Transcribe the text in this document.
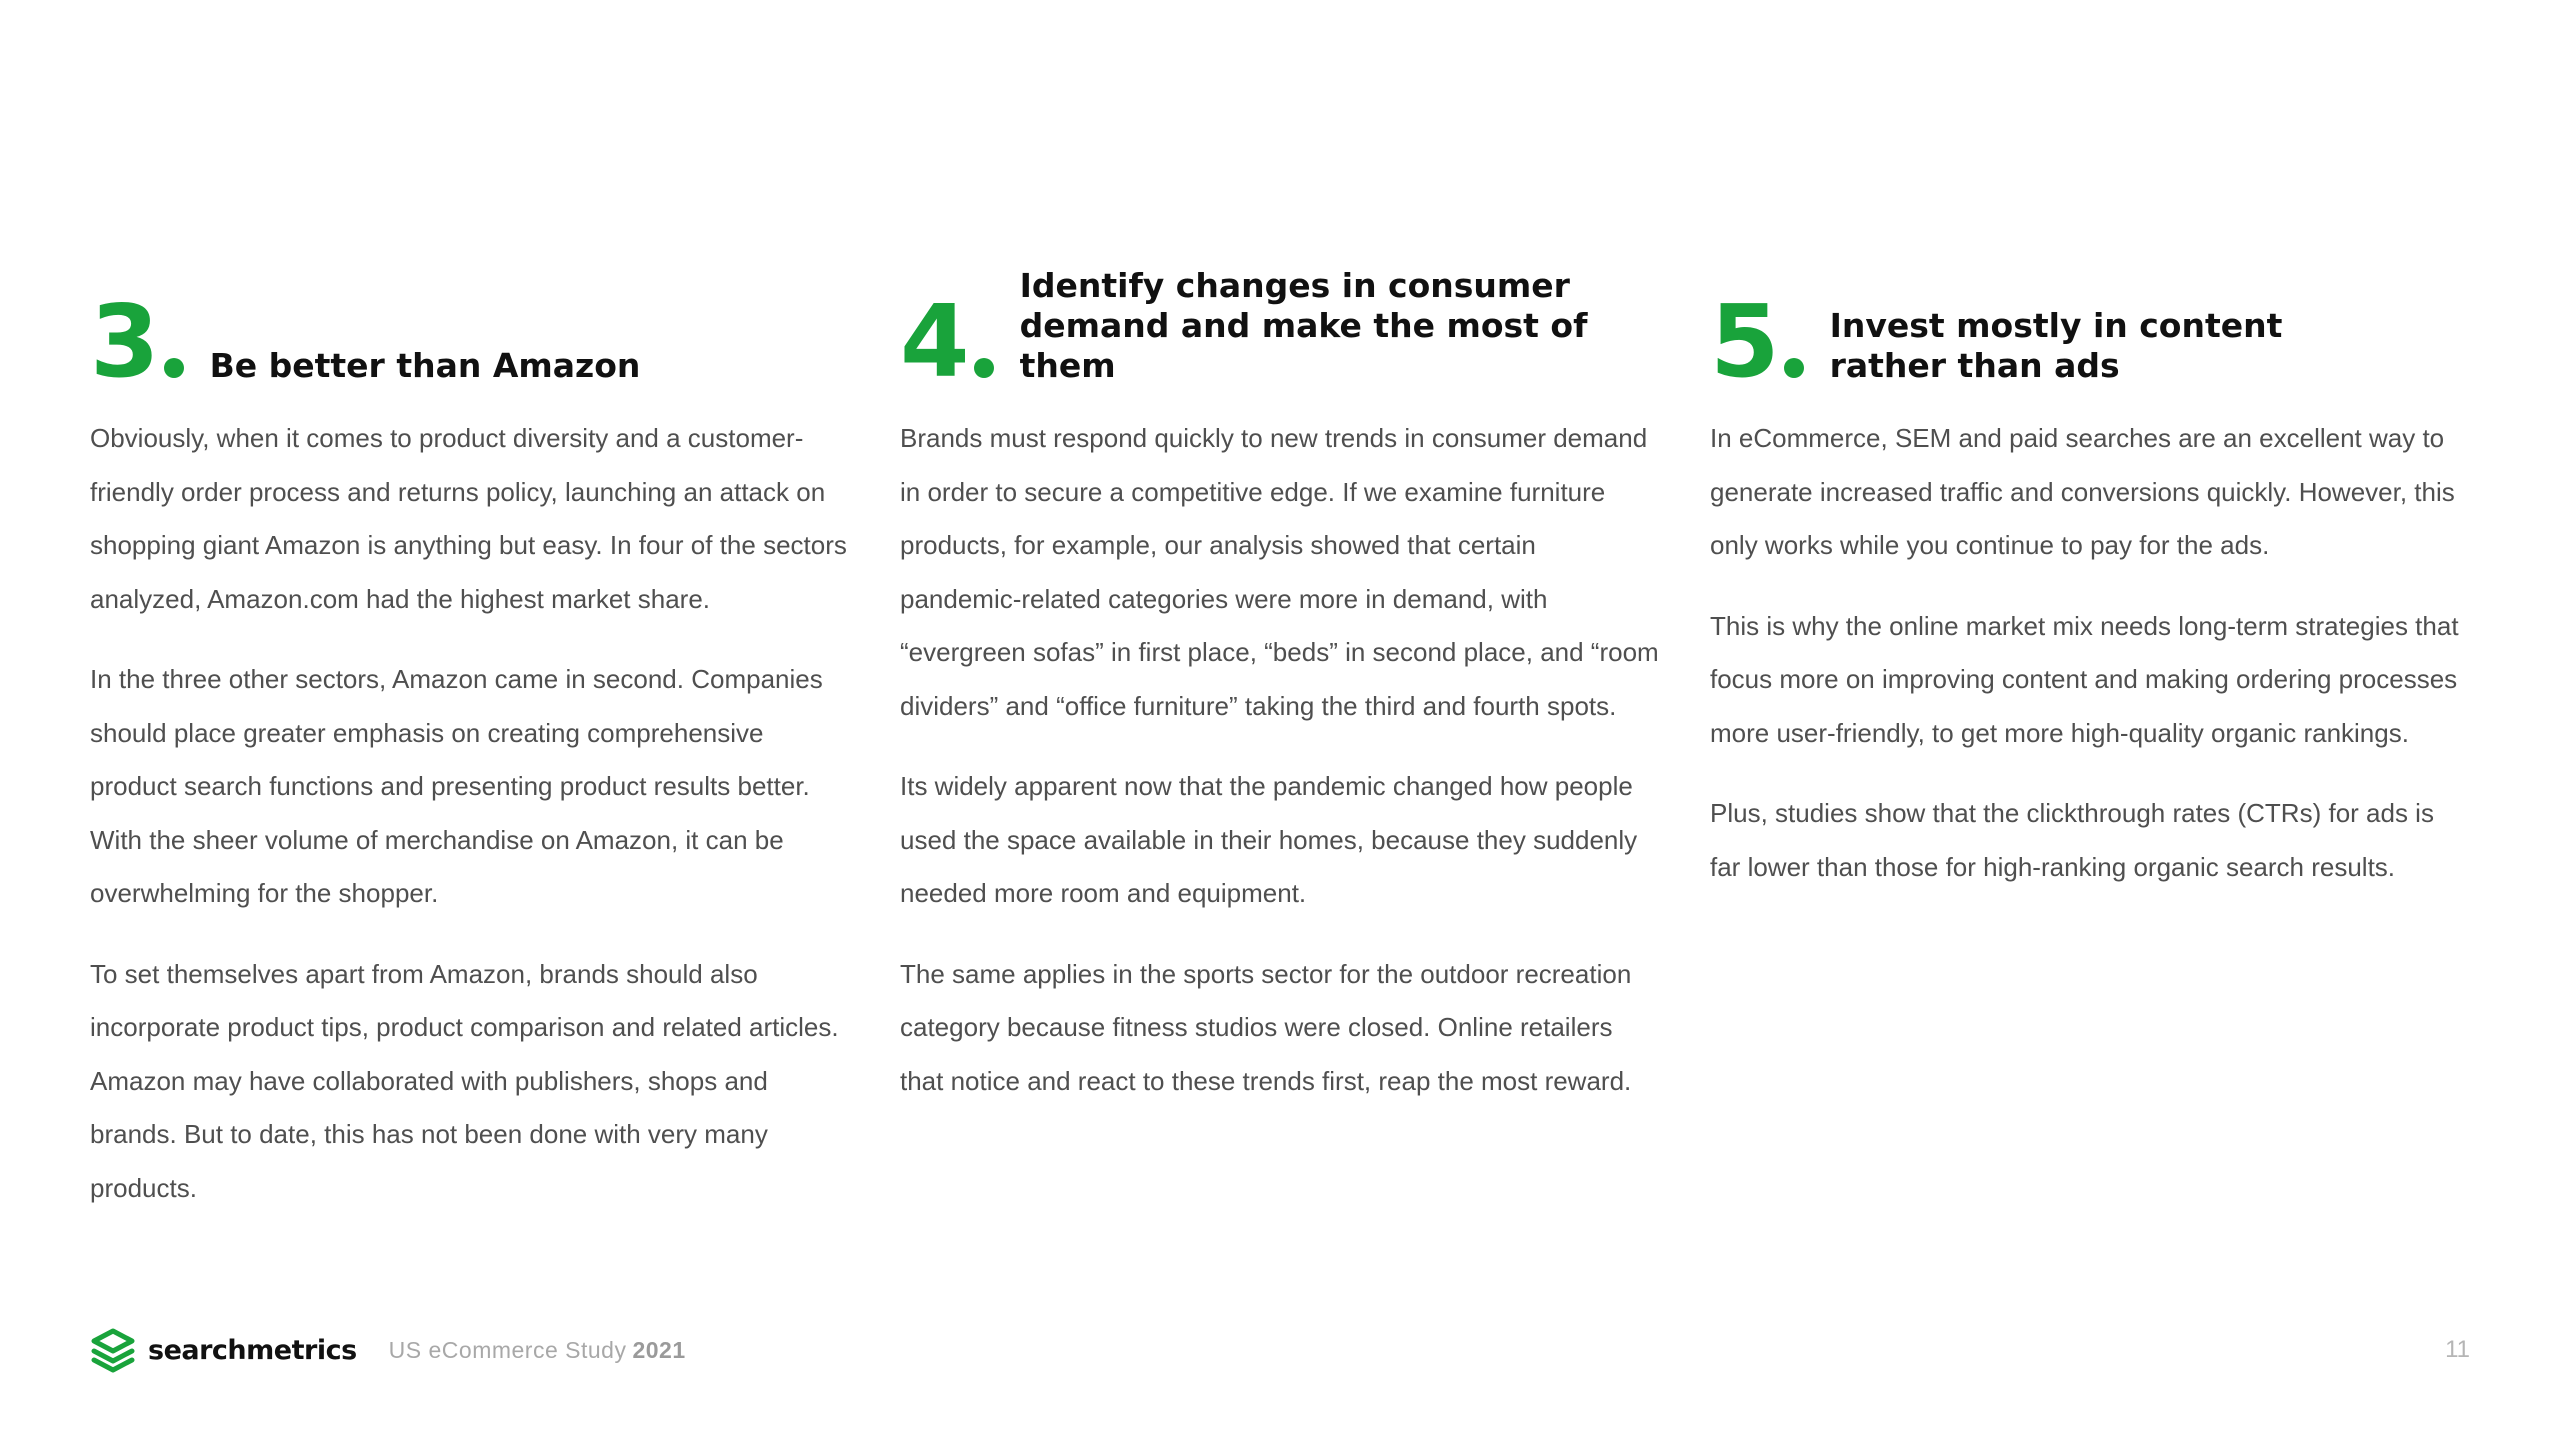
3 Be better than Amazon

Obviously, when it comes to product diversity and a customer-friendly order process and returns policy, launching an attack on shopping giant Amazon is anything but easy. In four of the sectors analyzed, Amazon.com had the highest market share.

In the three other sectors, Amazon came in second. Companies should place greater emphasis on creating comprehensive product search functions and presenting product results better. With the sheer volume of merchandise on Amazon, it can be overwhelming for the shopper.

To set themselves apart from Amazon, brands should also incorporate product tips, product comparison and related articles. Amazon may have collaborated with publishers, shops and brands. But to date, this has not been done with very many products.

4 Identify changes in consumer demand and make the most of them

Brands must respond quickly to new trends in consumer demand in order to secure a competitive edge. If we examine furniture products, for example, our analysis showed that certain pandemic-related categories were more in demand, with “evergreen sofas” in first place, “beds” in second place, and “room dividers” and “office furniture” taking the third and fourth spots.

Its widely apparent now that the pandemic changed how people used the space available in their homes, because they suddenly needed more room and equipment.

The same applies in the sports sector for the outdoor recreation category because fitness studios were closed. Online retailers that notice and react to these trends first, reap the most reward.

5 Invest mostly in content rather than ads

In eCommerce, SEM and paid searches are an excellent way to generate increased traffic and conversions quickly. However, this only works while you continue to pay for the ads.

This is why the online market mix needs long-term strategies that focus more on improving content and making ordering processes more user-friendly, to get more high-quality organic rankings.

Plus, studies show that the clickthrough rates (CTRs) for ads is far lower than those for high-ranking organic search results.

searchmetrics US eCommerce Study 2021	11
